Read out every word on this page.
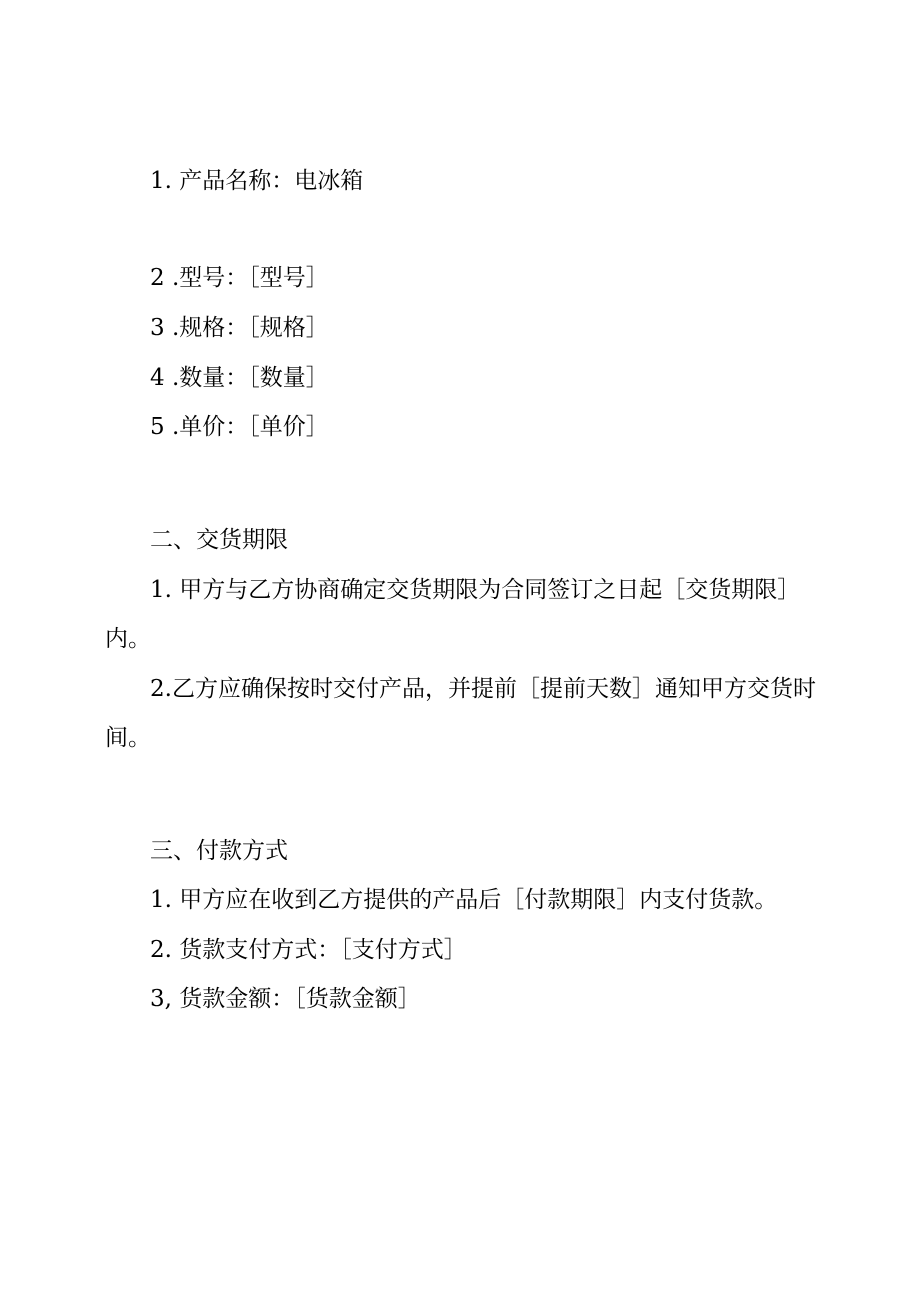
1. 产品名称：电冰箱
2 .型号：［型号］
3 .规格：［规格］
4 .数量：［数量］
5 .单价：［单价］
二、交货期限
1. 甲方与乙方协商确定交货期限为合同签订之日起［交货期限］
内。
2.乙方应确保按时交付产品，并提前［提前天数］通知甲方交货时
间。
三、付款方式
1. 甲方应在收到乙方提供的产品后［付款期限］内支付货款。
2. 货款支付方式：［支付方式］
3, 货款金额：［货款金额］
